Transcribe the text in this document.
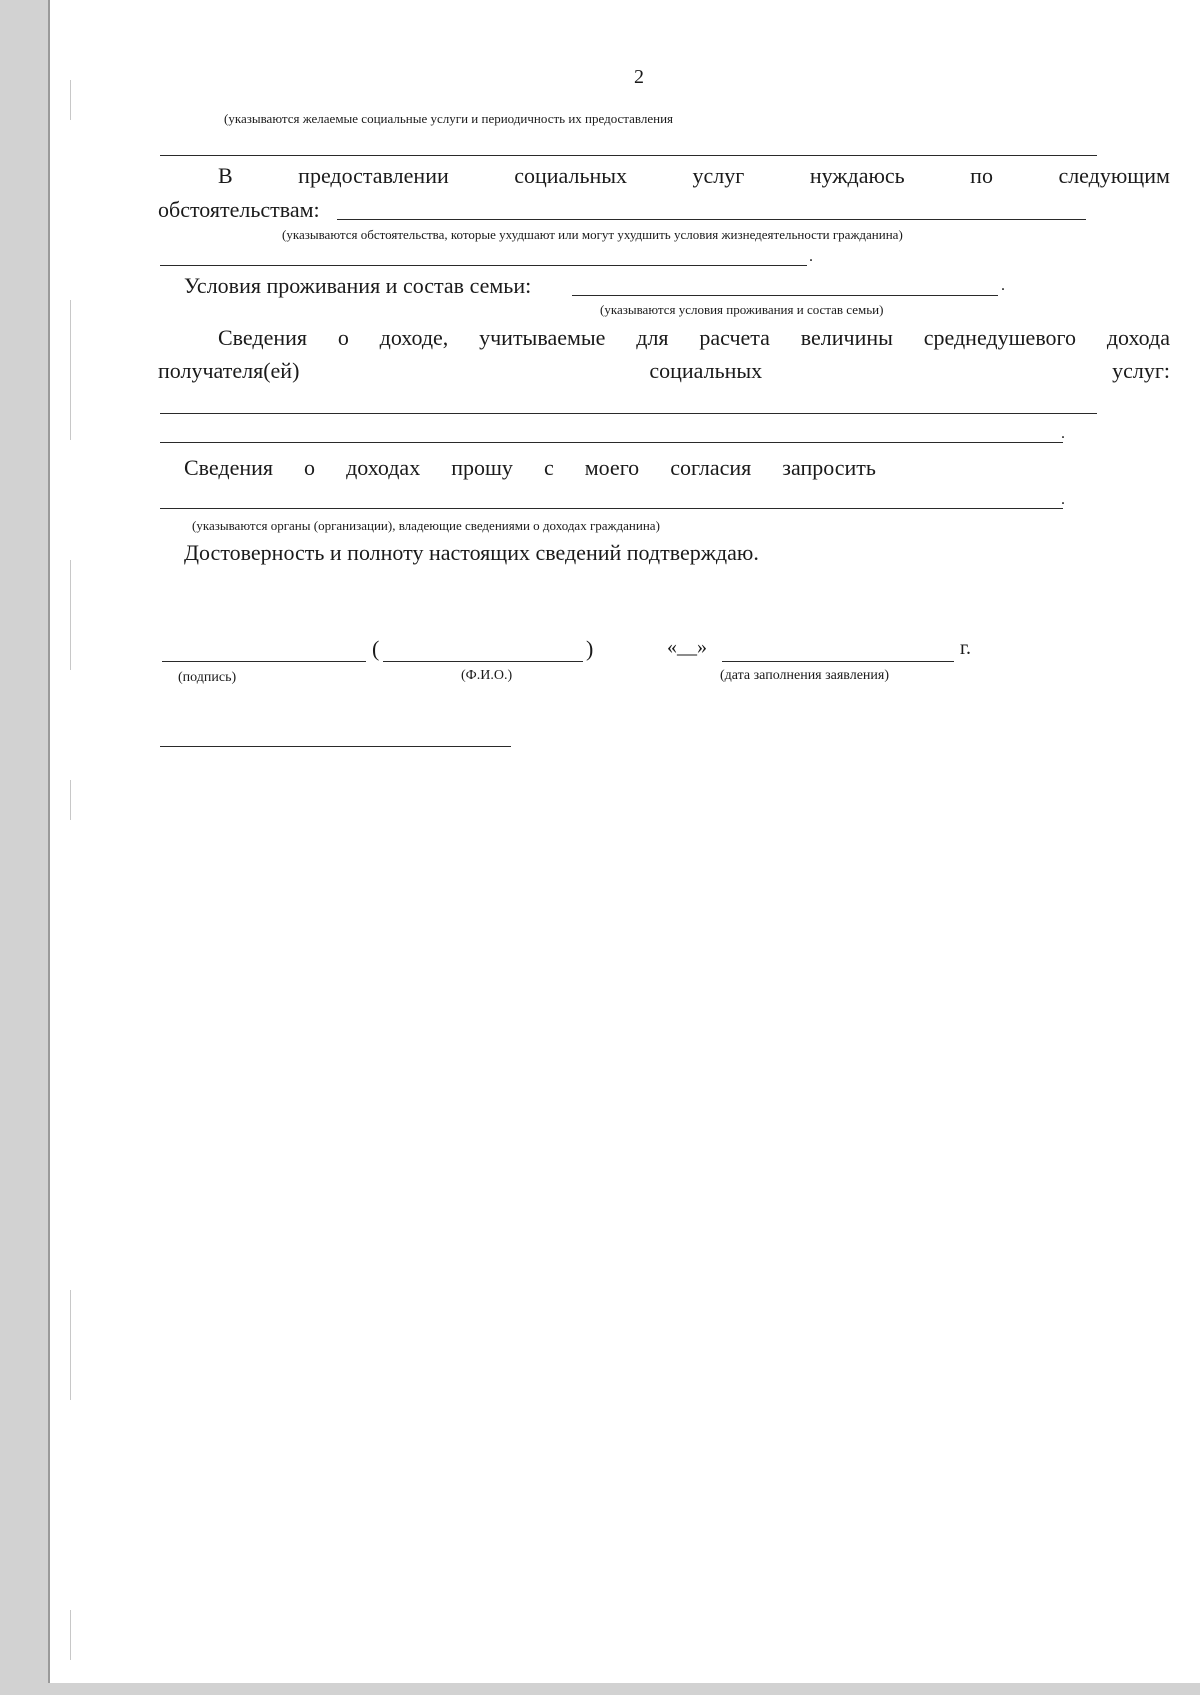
2
(указываются желаемые социальные услуги и периодичность их предоставления
В	предоставлении	социальных	услуг	нуждаюсь	по	следующим
обстоятельствам:
(указываются обстоятельства, которые ухудшают или могут ухудшить условия жизнедеятельности гражданина)
.
Условия проживания и состав семьи:	.
(указываются условия проживания и состав семьи)
Сведения о доходе, учитываемые для расчета величины среднедушевого дохода
получателя(ей)	социальных	услуг:
.
Сведения о доходах прошу с моего согласия запросить
.
(указываются органы (организации), владеющие сведениями о доходах гражданина)
Достоверность и полноту настоящих сведений подтверждаю.
(	)	«__»	г.
(подпись)	(Ф.И.О.)	(дата заполнения заявления)
